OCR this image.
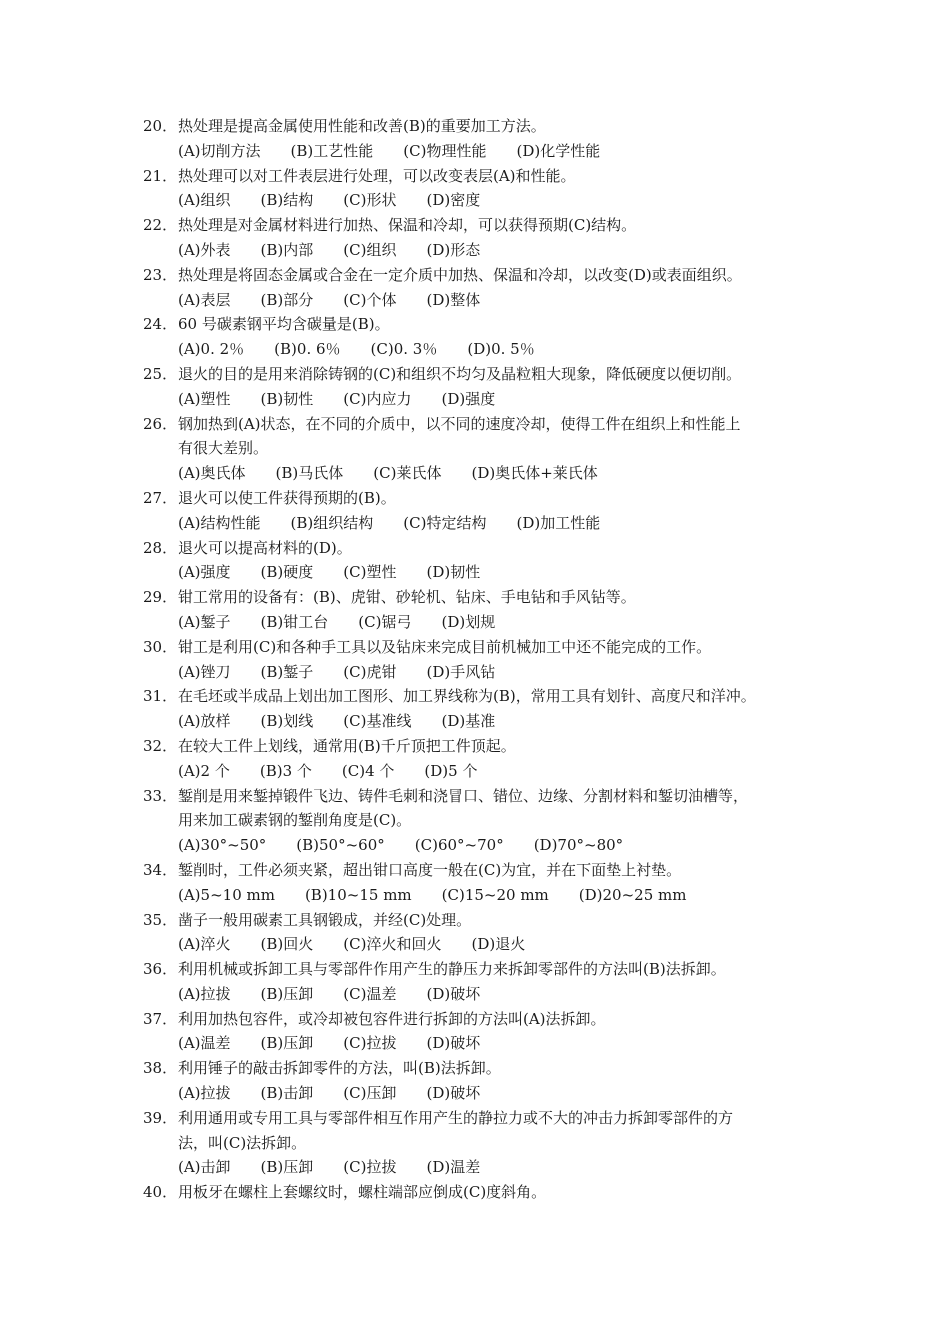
20． 热处理是提高金属使用性能和改善(B)的重要加工方法。
(A)切削方法 (B)工艺性能 (C)物理性能 (D)化学性能
21． 热处理可以对工件表层进行处理，可以改变表层(A)和性能。
(A)组织 (B)结构 (C)形状 (D)密度
22． 热处理是对金属材料进行加热、保温和冷却，可以获得预期(C)结构。
(A)外表 (B)内部 (C)组织 (D)形态
23． 热处理是将固态金属或合金在一定介质中加热、保温和冷却，以改变(D)或表面组织。
(A)表层 (B)部分 (C)个体 (D)整体
24． 60 号碳素钢平均含碳量是(B)。
(A)0. 2％ (B)0. 6％ (C)0. 3％ (D)0. 5％
25． 退火的目的是用来消除铸钢的(C)和组织不均匀及晶粒粗大现象，降低硬度以便切削。
(A)塑性 (B)韧性 (C)内应力 (D)强度
26． 钢加热到(A)状态，在不同的介质中，以不同的速度冷却，使得工件在组织上和性能上
有很大差别。
(A)奥氏体 (B)马氏体 (C)莱氏体 (D)奥氏体+莱氏体
27． 退火可以使工件获得预期的(B)。
(A)结构性能 (B)组织结构 (C)特定结构 (D)加工性能
28． 退火可以提高材料的(D)。
(A)强度 (B)硬度 (C)塑性 (D)韧性
29． 钳工常用的设备有：(B)、虎钳、砂轮机、钻床、手电钻和手风钻等。
(A)錾子 (B)钳工台 (C)锯弓 (D)划规
30． 钳工是利用(C)和各种手工具以及钻床来完成目前机械加工中还不能完成的工作。
(A)锉刀 (B)錾子 (C)虎钳 (D)手风钻
31． 在毛坯或半成品上划出加工图形、加工界线称为(B)，常用工具有划针、高度尺和洋冲。
(A)放样 (B)划线 (C)基准线 (D)基准
32． 在较大工件上划线，通常用(B)千斤顶把工件顶起。
(A)2 个 (B)3 个 (C)4 个 (D)5 个
33． 錾削是用来錾掉锻件飞边、铸件毛刺和浇冒口、错位、边缘、分割材料和錾切油槽等，
用来加工碳素钢的錾削角度是(C)。
(A)30°~50° (B)50°~60° (C)60°~70° (D)70°~80°
34． 錾削时，工件必须夹紧，超出钳口高度一般在(C)为宜，并在下面垫上衬垫。
(A)5~10 mm (B)10~15 mm (C)15~20 mm (D)20~25 mm
35． 凿子一般用碳素工具钢锻成，并经(C)处理。
(A)淬火 (B)回火 (C)淬火和回火 (D)退火
36． 利用机械或拆卸工具与零部件作用产生的静压力来拆卸零部件的方法叫(B)法拆卸。
(A)拉拔 (B)压卸 (C)温差 (D)破坏
37． 利用加热包容件，或冷却被包容件进行拆卸的方法叫(A)法拆卸。
(A)温差 (B)压卸 (C)拉拔 (D)破坏
38． 利用锤子的敲击拆卸零件的方法，叫(B)法拆卸。
(A)拉拔 (B)击卸 (C)压卸 (D)破坏
39． 利用通用或专用工具与零部件相互作用产生的静拉力或不大的冲击力拆卸零部件的方
法，叫(C)法拆卸。
(A)击卸 (B)压卸 (C)拉拔 (D)温差
40． 用板牙在螺柱上套螺纹时，螺柱端部应倒成(C)度斜角。
